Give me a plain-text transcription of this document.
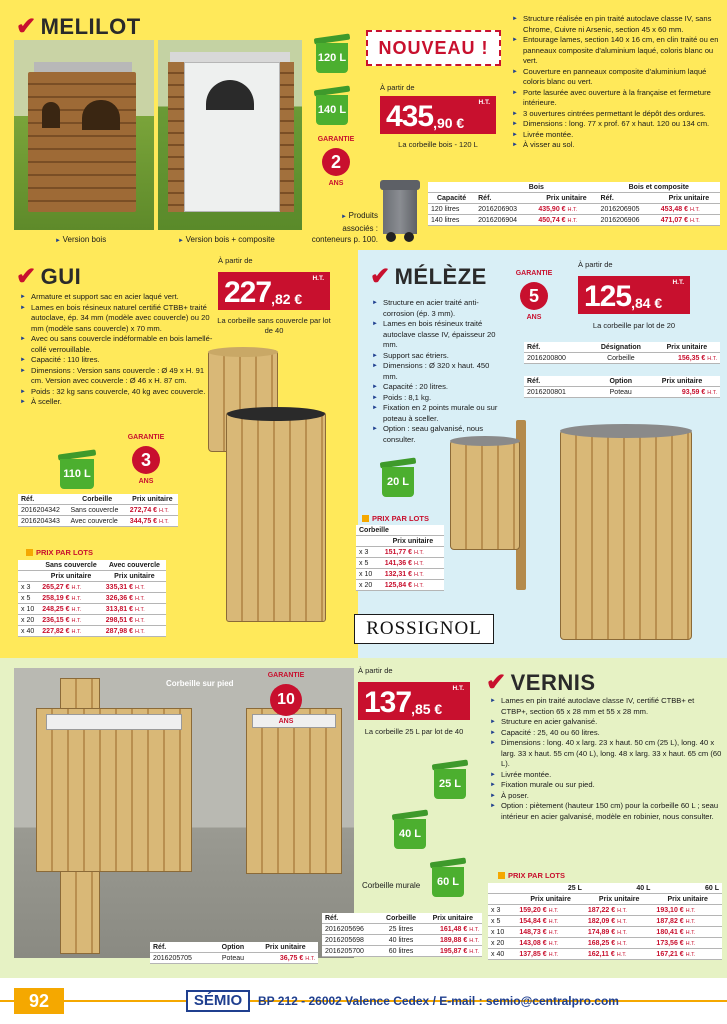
✔ MELILOT
► Version bois	► Version bois + composite
120 L
140 L
NOUVEAU !
À partir de
435 ,90 €
H.T.
La corbeille bois - 120 L
2
GARANTIE
ANS
► Produits associés : conteneurs p. 100.
► Structure réalisée en pin traité autoclave classe IV, sans Chrome, Cuivre ni Arsenic, section 45 x 60 mm.
► Entourage lames, section 140 x 16 cm, en clin traité ou en panneaux composite d'aluminium laqué, coloris blanc ou vert.
► Couverture en panneaux composite d'aluminium laqué coloris blanc ou vert.
► Porte lasurée avec ouverture à la française et fermeture intérieure.
► 3 ouvertures cintrées permettant le dépôt des ordures.
► Dimensions : long. 77 x prof. 67 x haut. 120 ou 134 cm.
► Livrée montée.
► À visser au sol.
	Bois		Bois et composite	
Capacité	Réf.	Prix unitaire	Réf.	Prix unitaire
120 litres	2016206903	435,90 € H.T.	2016206905	453,48 € H.T.
140 litres	2016206904	450,74 € H.T.	2016206906	471,07 € H.T.
✔ GUI
À partir de
227 ,82 €
H.T.
La corbeille sans couvercle par lot de 40
► Armature et support sac en acier laqué vert.
► Lames en bois résineux naturel certifié CTBB+ traité autoclave, ép. 34 mm (modèle avec couvercle) ou 20 mm (modèle sans couvercle) x 70 mm.
► Avec ou sans couvercle indéformable en bois lamellé-collé verrouillable.
► Capacité : 110 litres.
► Dimensions : Version sans couvercle : Ø 49 x H. 91 cm. Version avec couvercle : Ø 46 x H. 87 cm.
► Poids : 32 kg sans couvercle, 40 kg avec couvercle.
► À sceller.
110 L
GARANTIE
3
ANS
Réf.	Corbeille	Prix unitaire
2016204342	Sans couvercle	272,74 € H.T.
2016204343	Avec couvercle	344,75 € H.T.
PRIX PAR LOTS
	Sans couvercle	Avec couvercle
	Prix unitaire	Prix unitaire
x 3	265,27 € H.T.	335,31 € H.T.
x 5	258,19 € H.T.	326,36 € H.T.
x 10	248,25 € H.T.	313,81 € H.T.
x 20	236,15 € H.T.	298,51 € H.T.
x 40	227,82 € H.T.	287,98 € H.T.
✔ MÉLÈZE	GARANTIE
5
ANS
À partir de
125 ,84 €
H.T.
La corbeille par lot de 20
► Structure en acier traité anti-corrosion (ép. 3 mm).
► Lames en bois résineux traité autoclave classe IV, épaisseur 20 mm.
► Support sac étriers.
► Dimensions : Ø 320 x haut. 450 mm.
► Capacité : 20 litres.
► Poids : 8,1 kg.
► Fixation en 2 points murale ou sur poteau à sceller.
► Option : seau galvanisé, nous consulter.
Réf.	Désignation	Prix unitaire
2016200800	Corbeille	156,35 € H.T.
Réf.	Option	Prix unitaire
2016200801	Poteau	93,59 € H.T.
20 L
PRIX PAR LOTS
Corbeille	
	Prix unitaire
x 3	151,77 € H.T.
x 5	141,36 € H.T.
x 10	132,31 € H.T.
x 20	125,84 € H.T.
ROSSIGNOL
Corbeille sur pied
Corbeille murale
GARANTIE
10
ANS
À partir de
137 ,85 €
H.T.
La corbeille 25 L par lot de 40
25 L
40 L
60 L
✔ VERNIS
► Lames en pin traité autoclave classe IV, certifié CTBB+ et CTBP+, section 65 x 28 mm et 55 x 28 mm.
► Structure en acier galvanisé.
► Capacité : 25, 40 ou 60 litres.
► Dimensions : long. 40 x larg. 23 x haut. 50 cm (25 L), long. 40 x larg. 33 x haut. 55 cm (40 L), long. 48 x larg. 33 x haut. 65 cm (60 L).
► Livrée montée.
► Fixation murale ou sur pied.
► À poser.
► Option : piètement (hauteur 150 cm) pour la corbeille 60 L ; seau intérieur en acier galvanisé, modèle en robinier, nous consulter.
Réf.	Option	Prix unitaire
2016205705	Poteau	36,75 € H.T.
Réf.	Corbeille	Prix unitaire
2016205696	25 litres	161,48 € H.T.
2016205698	40 litres	189,88 € H.T.
2016205700	60 litres	195,87 € H.T.
PRIX PAR LOTS
	25 L	40 L	60 L
	Prix unitaire	Prix unitaire	Prix unitaire
x 3	159,20 € H.T.	187,22 € H.T.	193,10 € H.T.
x 5	154,84 € H.T.	182,09 € H.T.	187,82 € H.T.
x 10	148,73 € H.T.	174,89 € H.T.	180,41 € H.T.
x 20	143,08 € H.T.	168,25 € H.T.	173,56 € H.T.
x 40	137,85 € H.T.	162,11 € H.T.	167,21 € H.T.
92	SÉMIO	BP 212 - 26002 Valence Cedex / E-mail : semio@centralpro.com
